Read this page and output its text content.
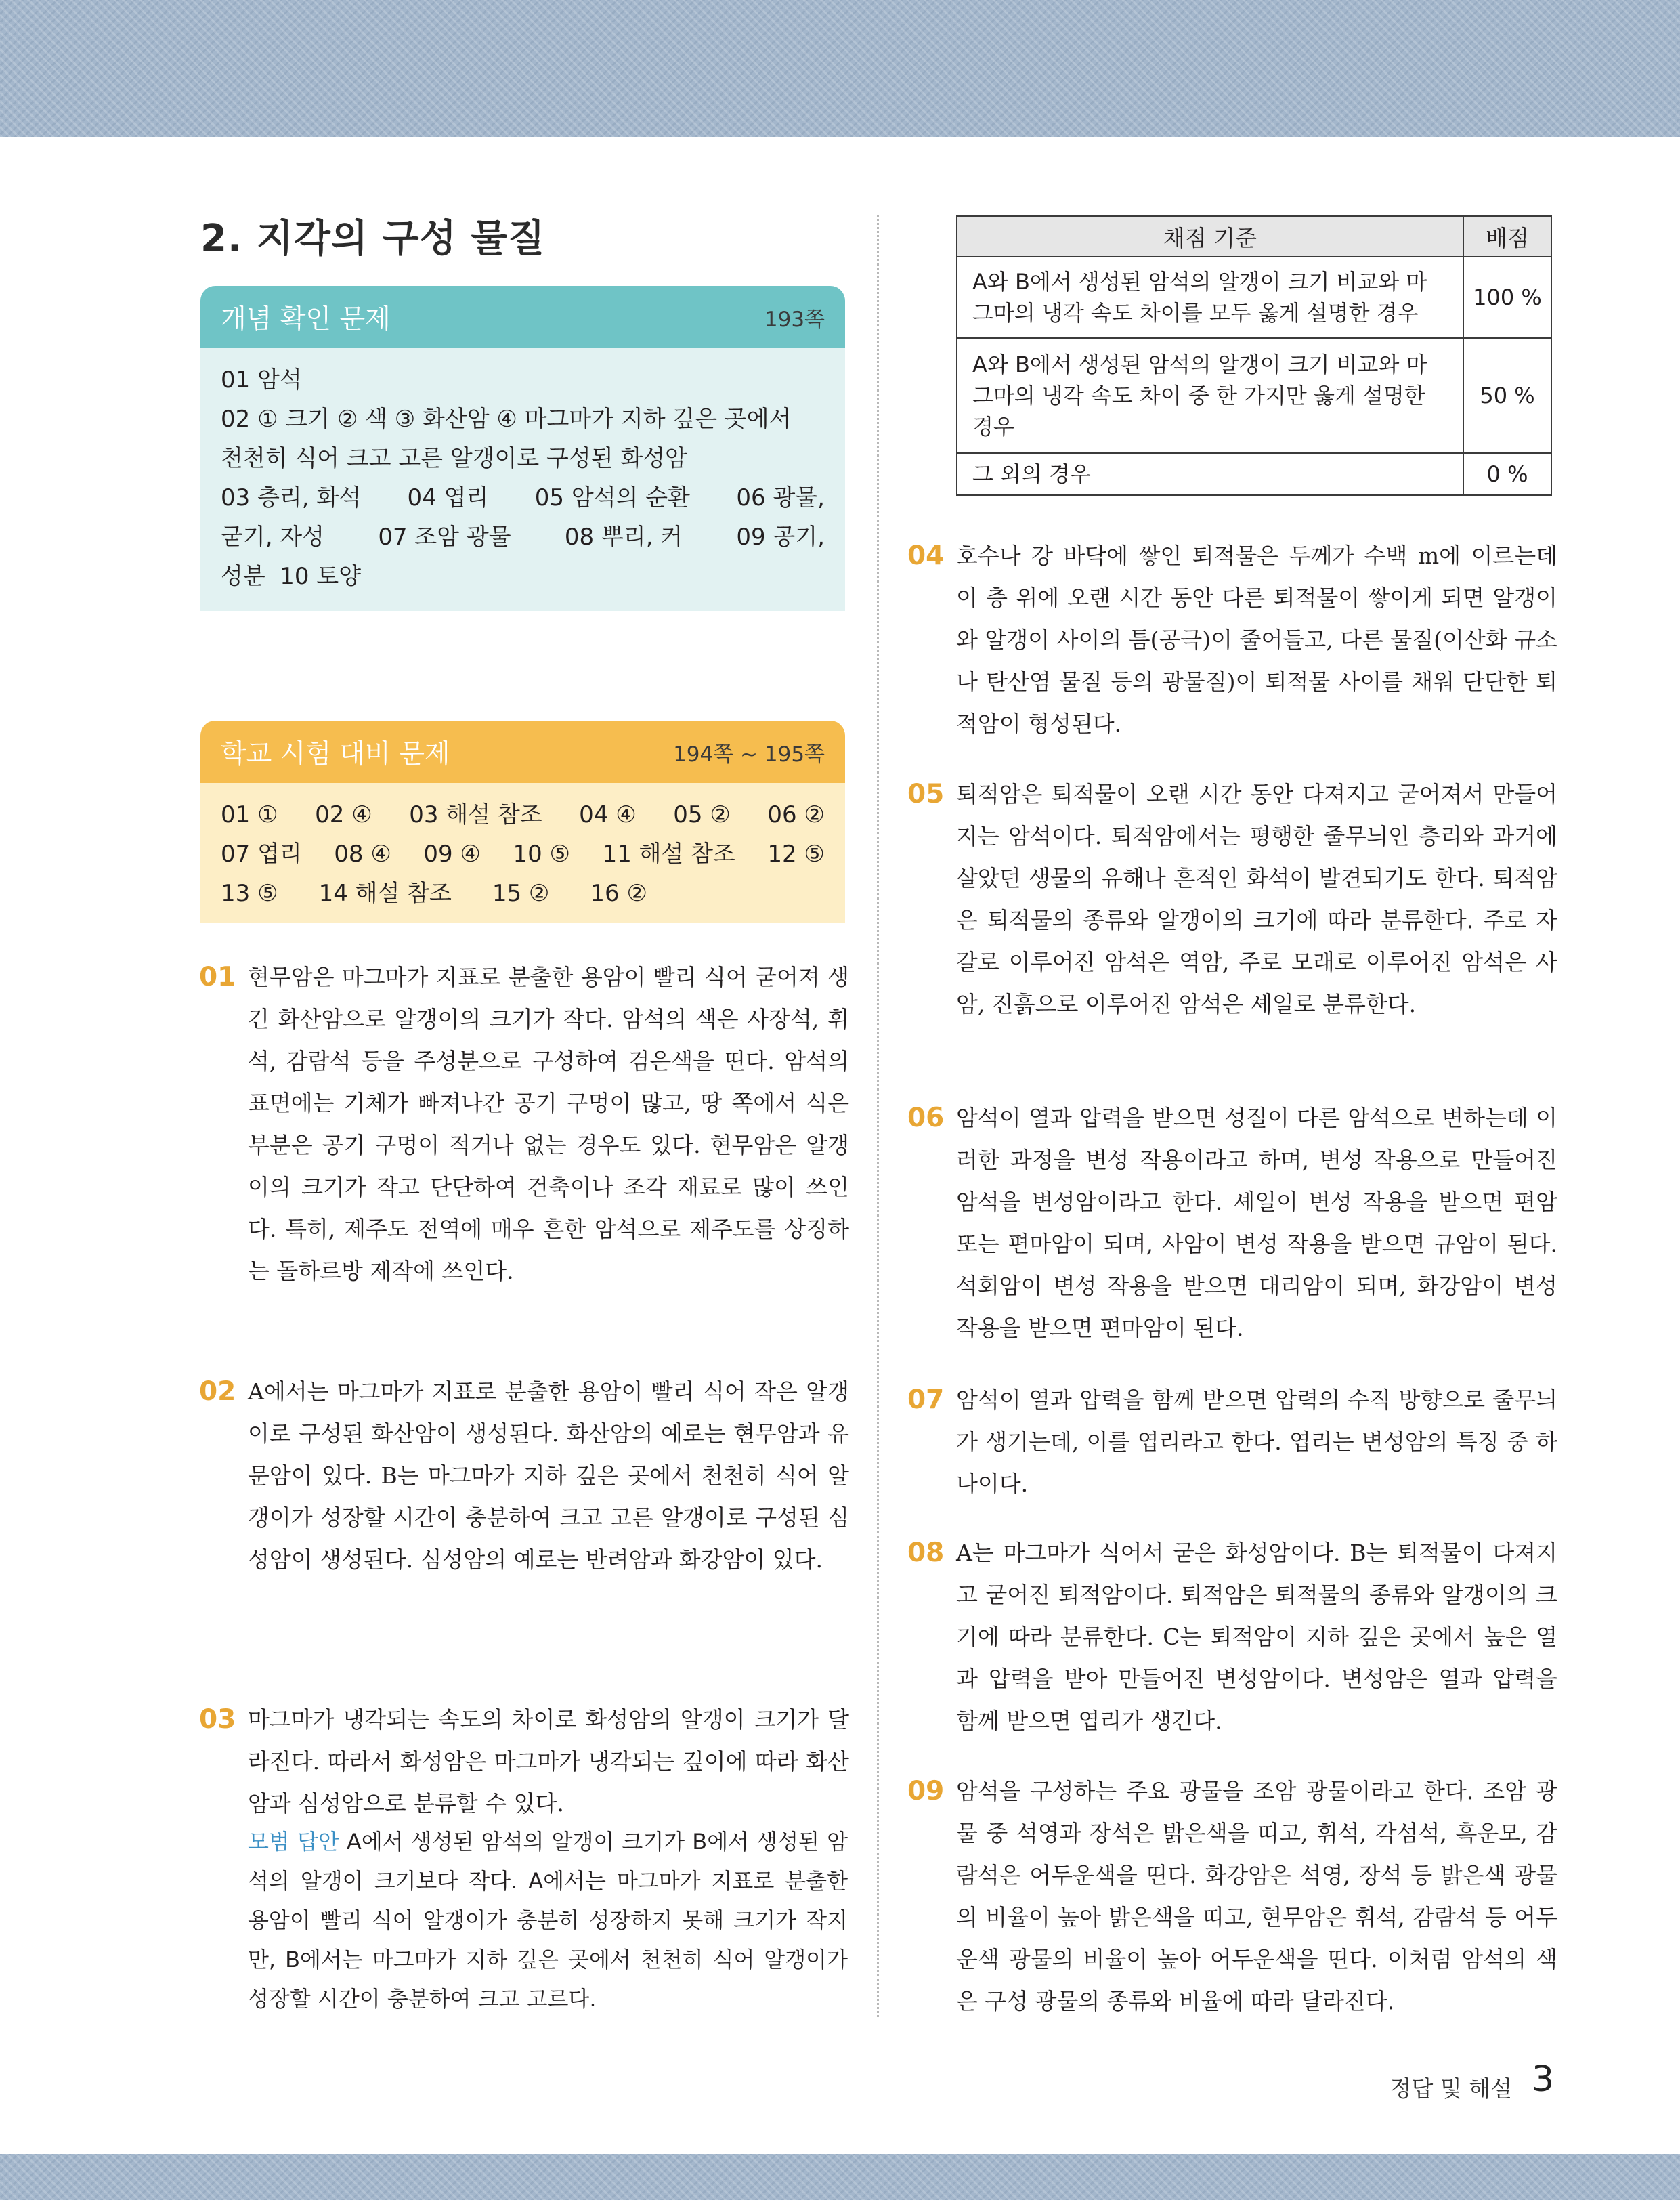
2. 지각의 구성 물질
개념 확인 문제	193쪽
01 암석
02 ① 크기 ② 색 ③ 화산암 ④ 마그마가 지하 깊은 곳에서
천천히 식어 크고 고른 알갱이로 구성된 화성암
03 층리, 화석 04 엽리 05 암석의 순환 06 광물,
굳기, 자성 07 조암 광물 08 뿌리, 커 09 공기,
성분  10 토양
학교 시험 대비 문제	194쪽 ~ 195쪽
01 ① 02 ④ 03 해설 참조 04 ④ 05 ② 06 ②
07 엽리 08 ④ 09 ④ 10 ⑤ 11 해설 참조 12 ⑤
13 ⑤ 14 해설 참조 15 ② 16 ②
01 현무암은 마그마가 지표로 분출한 용암이 빨리 식어 굳어져 생긴 화산암으로 알갱이의 크기가 작다. 암석의 색은 사장석, 휘석, 감람석 등을 주성분으로 구성하여 검은색을 띤다. 암석의 표면에는 기체가 빠져나간 공기 구멍이 많고, 땅 쪽에서 식은 부분은 공기 구멍이 적거나 없는 경우도 있다. 현무암은 알갱이의 크기가 작고 단단하여 건축이나 조각 재료로 많이 쓰인다. 특히, 제주도 전역에 매우 흔한 암석으로 제주도를 상징하는 돌하르방 제작에 쓰인다.
02 A에서는 마그마가 지표로 분출한 용암이 빨리 식어 작은 알갱이로 구성된 화산암이 생성된다. 화산암의 예로는 현무암과 유문암이 있다. B는 마그마가 지하 깊은 곳에서 천천히 식어 알갱이가 성장할 시간이 충분하여 크고 고른 알갱이로 구성된 심성암이 생성된다. 심성암의 예로는 반려암과 화강암이 있다.
03 마그마가 냉각되는 속도의 차이로 화성암의 알갱이 크기가 달라진다. 따라서 화성암은 마그마가 냉각되는 깊이에 따라 화산암과 심성암으로 분류할 수 있다.
모범 답안 A에서 생성된 암석의 알갱이 크기가 B에서 생성된 암석의 알갱이 크기보다 작다. A에서는 마그마가 지표로 분출한 용암이 빨리 식어 알갱이가 충분히 성장하지 못해 크기가 작지만, B에서는 마그마가 지하 깊은 곳에서 천천히 식어 알갱이가 성장할 시간이 충분하여 크고 고르다.
채점 기준	배점
A와 B에서 생성된 암석의 알갱이 크기 비교와 마그마의 냉각 속도 차이를 모두 옳게 설명한 경우	100 %
A와 B에서 생성된 암석의 알갱이 크기 비교와 마그마의 냉각 속도 차이 중 한 가지만 옳게 설명한 경우	50 %
그 외의 경우	0 %
04 호수나 강 바닥에 쌓인 퇴적물은 두께가 수백 m에 이르는데 이 층 위에 오랜 시간 동안 다른 퇴적물이 쌓이게 되면 알갱이와 알갱이 사이의 틈(공극)이 줄어들고, 다른 물질(이산화 규소나 탄산염 물질 등의 광물질)이 퇴적물 사이를 채워 단단한 퇴적암이 형성된다.
05 퇴적암은 퇴적물이 오랜 시간 동안 다져지고 굳어져서 만들어지는 암석이다. 퇴적암에서는 평행한 줄무늬인 층리와 과거에 살았던 생물의 유해나 흔적인 화석이 발견되기도 한다. 퇴적암은 퇴적물의 종류와 알갱이의 크기에 따라 분류한다. 주로 자갈로 이루어진 암석은 역암, 주로 모래로 이루어진 암석은 사암, 진흙으로 이루어진 암석은 셰일로 분류한다.
06 암석이 열과 압력을 받으면 성질이 다른 암석으로 변하는데 이러한 과정을 변성 작용이라고 하며, 변성 작용으로 만들어진 암석을 변성암이라고 한다. 셰일이 변성 작용을 받으면 편암 또는 편마암이 되며, 사암이 변성 작용을 받으면 규암이 된다. 석회암이 변성 작용을 받으면 대리암이 되며, 화강암이 변성 작용을 받으면 편마암이 된다.
07 암석이 열과 압력을 함께 받으면 압력의 수직 방향으로 줄무늬가 생기는데, 이를 엽리라고 한다. 엽리는 변성암의 특징 중 하나이다.
08 A는 마그마가 식어서 굳은 화성암이다. B는 퇴적물이 다져지고 굳어진 퇴적암이다. 퇴적암은 퇴적물의 종류와 알갱이의 크기에 따라 분류한다. C는 퇴적암이 지하 깊은 곳에서 높은 열과 압력을 받아 만들어진 변성암이다. 변성암은 열과 압력을 함께 받으면 엽리가 생긴다.
09 암석을 구성하는 주요 광물을 조암 광물이라고 한다. 조암 광물 중 석영과 장석은 밝은색을 띠고, 휘석, 각섬석, 흑운모, 감람석은 어두운색을 띤다. 화강암은 석영, 장석 등 밝은색 광물의 비율이 높아 밝은색을 띠고, 현무암은 휘석, 감람석 등 어두운색 광물의 비율이 높아 어두운색을 띤다. 이처럼 암석의 색은 구성 광물의 종류와 비율에 따라 달라진다.
정답 및 해설 3
